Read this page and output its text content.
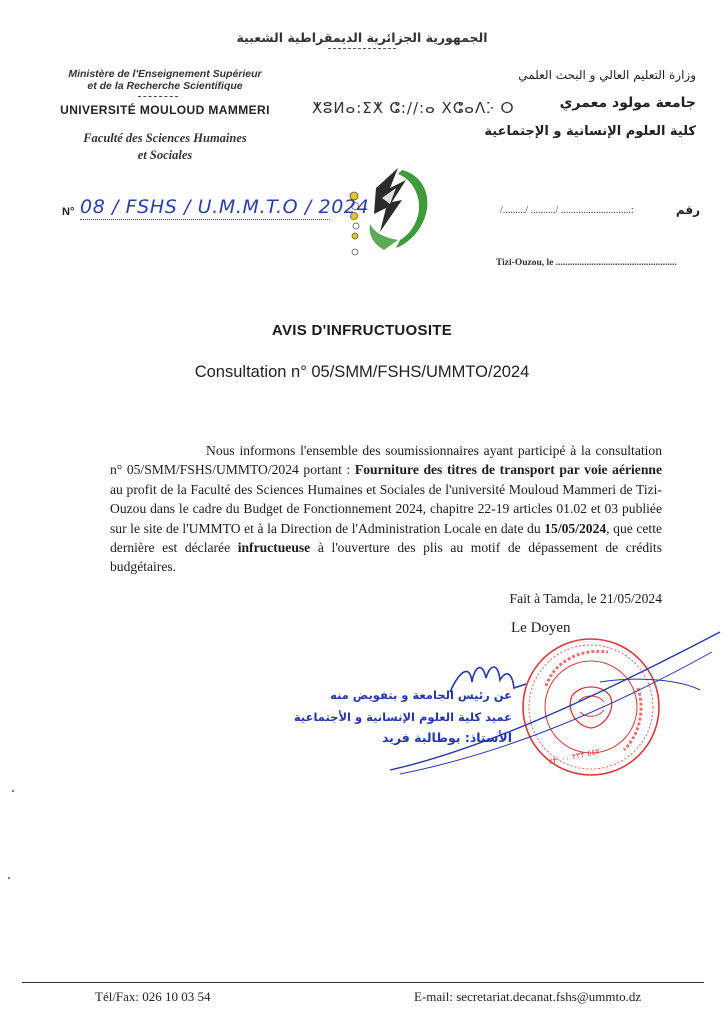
الجمهورية الجزائرية الديمقراطية الشعبية
Ministère de l'Enseignement Supérieur
et de la Recherche Scientifique
UNIVERSITÉ MOULOUD MAMMERI
Faculté des Sciences Humaines
et Sociales
ⵅⵓⵍⴰ:ⵉⵅ ⵛ://:ⴰ ⵝⵛⴰⴷⴾ ⵔ
وزارة التعليم العالي و البحث العلمي
جامعة مولود معمري
كلية العلوم الإنسانية و الإجتماعية
N° 08 / FSHS / U.M.M.T.O / 2024	/........./ ........../ ............................:	رقم
Tizi-Ouzou, le ...................................................
AVIS D'INFRUCTUOSITE
Consultation n° 05/SMM/FSHS/UMMTO/2024
Nous informons l'ensemble des soumissionnaires ayant participé à la consultation n° 05/SMM/FSHS/UMMTO/2024 portant : Fourniture des titres de transport par voie aérienne au profit de la Faculté des Sciences Humaines et Sociales de l'université Mouloud Mammeri de Tizi-Ouzou dans le cadre du Budget de Fonctionnement 2024, chapitre 22-19 articles 01.02 et 03 publiée sur le site de l'UMMTO et à la Direction de l'Administration Locale en date du 15/05/2024, que cette dernière est déclarée infructueuse à l'ouverture des plis au motif de dépassement de crédits budgétaires.
Fait à Tamda, le 21/05/2024
Le Doyen
۲۳۰۰۰ ٤٤٢ ٢٣٣
عن رئيس الجامعة و بتفويض منه
عميد كلية العلوم الإنسانية و الأجتماعية
الأستاذ: بوطالبة فريد
Tél/Fax: 026 10 03 54	E-mail: secretariat.decanat.fshs@ummto.dz
